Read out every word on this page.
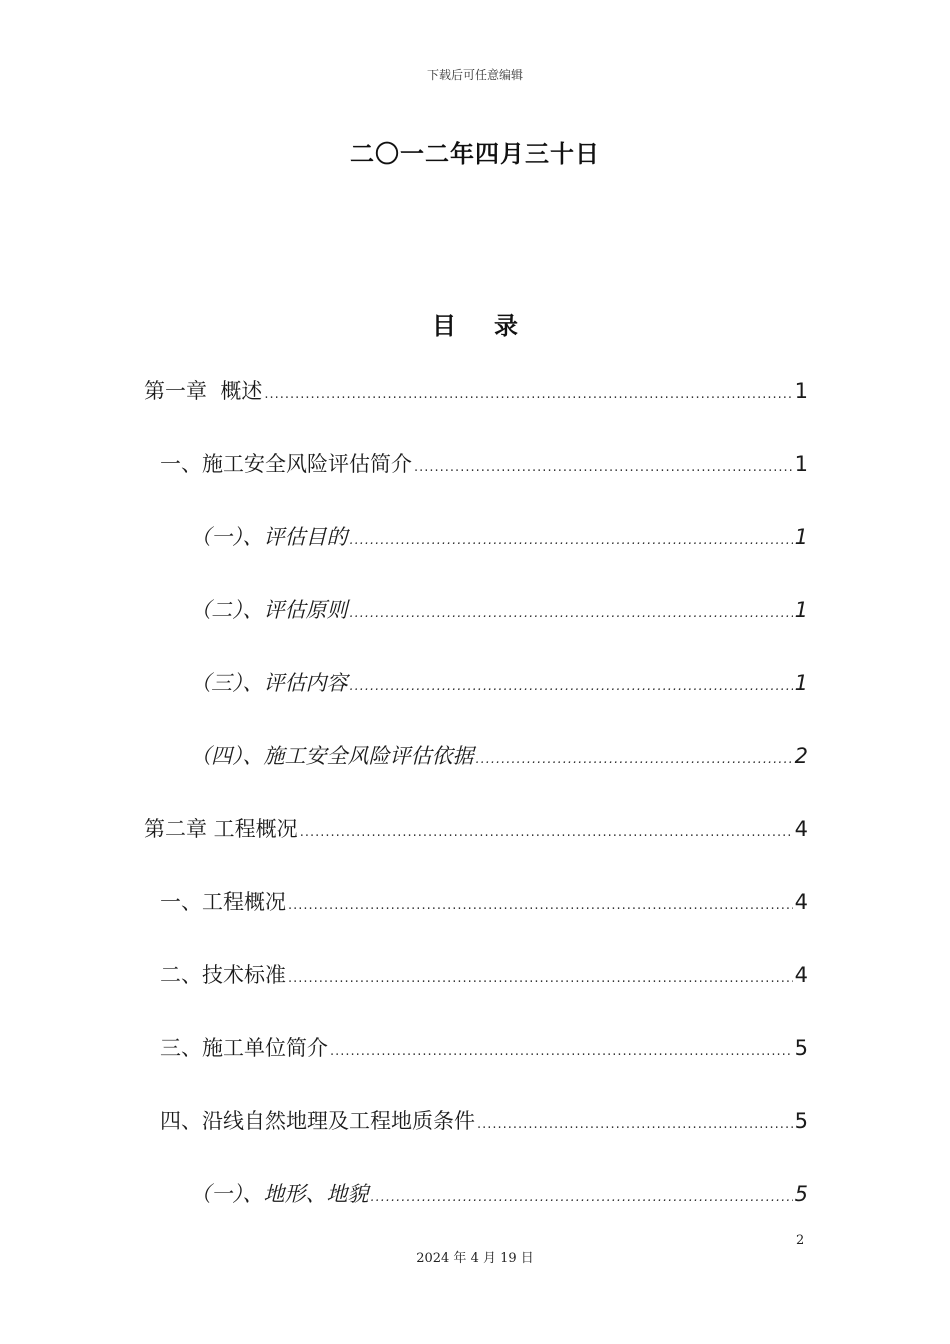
下载后可任意编辑
二〇一二年四月三十日
目 录
第一章  概述 .....	1
一、施工安全风险评估简介 .....	1
（一）、评估目的 .....	1
（二）、评估原则 .....	1
（三）、评估内容 .....	1
（四）、施工安全风险评估依据 .....	2
第二章 工程概况 .....	4
一、工程概况 .....	4
二、技术标准 .....	4
三、施工单位简介 .....	5
四、沿线自然地理及工程地质条件 .....	5
（一）、地形、地貌 .....	5
2
2024 年 4 月 19 日
